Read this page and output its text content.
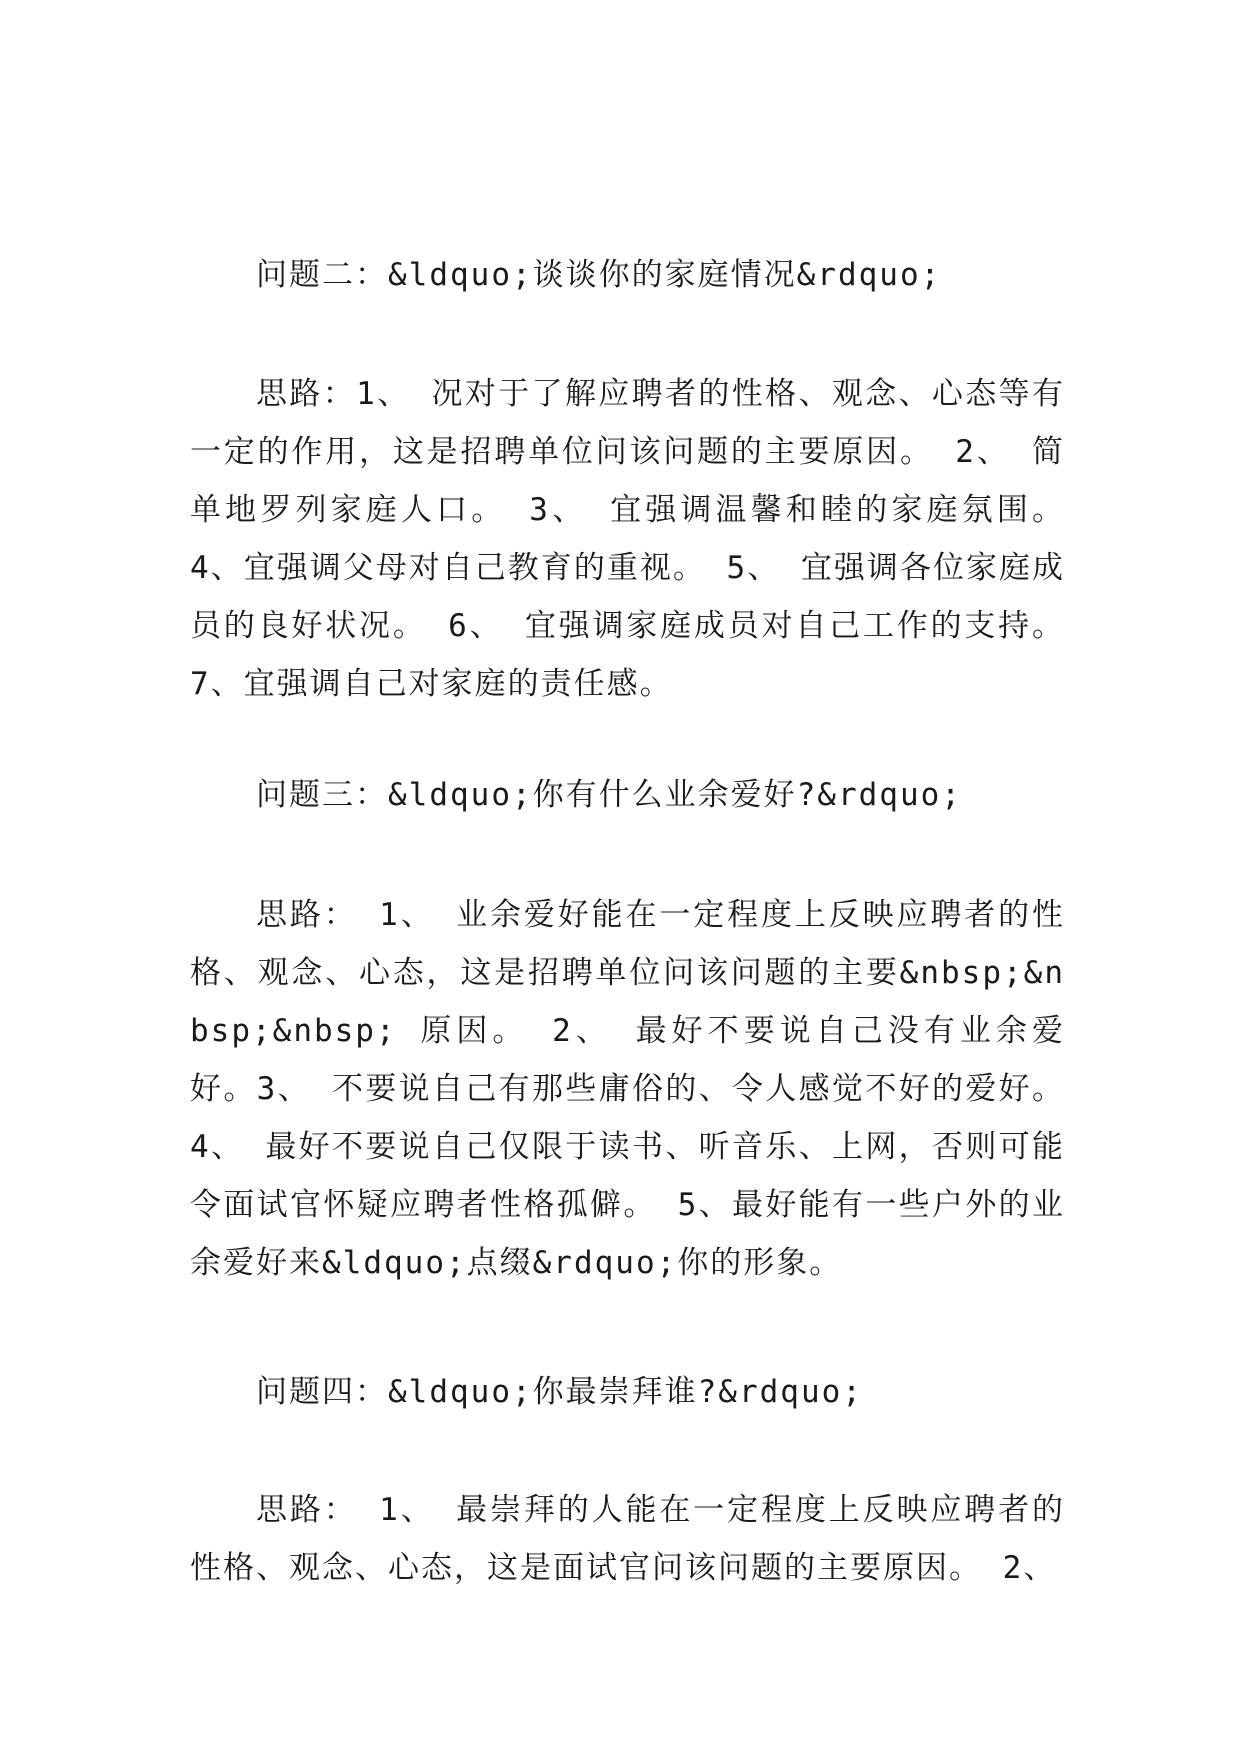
问题二：&ldquo;谈谈你的家庭情况&rdquo;

思路：1、 况对于了解应聘者的性格、观念、心态等有一定的作用，这是招聘单位问该问题的主要原因。 2、 简单地罗列家庭人口。 3、 宜强调温馨和睦的家庭氛围。 4、宜强调父母对自己教育的重视。 5、 宜强调各位家庭成员的良好状况。 6、 宜强调家庭成员对自己工作的支持。 7、宜强调自己对家庭的责任感。

问题三：&ldquo;你有什么业余爱好?&rdquo;

思路： 1、 业余爱好能在一定程度上反映应聘者的性格、观念、心态，这是招聘单位问该问题的主要&nbsp;&nbsp;&nbsp; 原因。 2、 最好不要说自己没有业余爱好。3、 不要说自己有那些庸俗的、令人感觉不好的爱好。4、 最好不要说自己仅限于读书、听音乐、上网，否则可能令面试官怀疑应聘者性格孤僻。 5、最好能有一些户外的业余爱好来&ldquo;点缀&rdquo;你的形象。

问题四：&ldquo;你最崇拜谁?&rdquo;

思路： 1、 最崇拜的人能在一定程度上反映应聘者的性格、观念、心态，这是面试官问该问题的主要原因。 2、
